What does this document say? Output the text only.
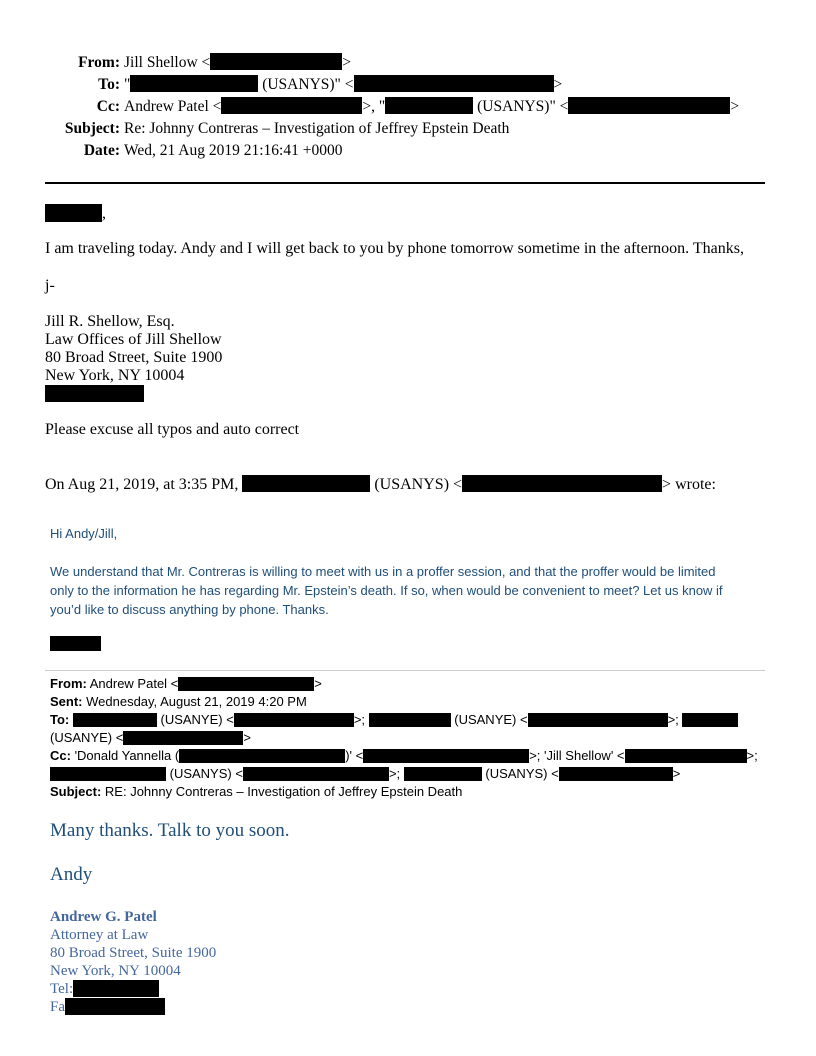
From: Jill Shellow <	>
To: "	(USANYS)" <	>
Cc: Andrew Patel <	>, "	(USANYS)" <	>
Subject: Re: Johnny Contreras – Investigation of Jeffrey Epstein Death
Date: Wed, 21 Aug 2019 21:16:41 +0000
,
I am traveling today. Andy and I will get back to you by phone tomorrow sometime in the afternoon. Thanks,
j-
Jill R. Shellow, Esq.
Law Offices of Jill Shellow
80 Broad Street, Suite 1900
New York, NY 10004
Please excuse all typos and auto correct
On Aug 21, 2019, at 3:35 PM,	(USANYS) <	> wrote:
Hi Andy/Jill,
We understand that Mr. Contreras is willing to meet with us in a proffer session, and that the proffer would be limited
only to the information he has regarding Mr. Epstein’s death. If so, when would be convenient to meet? Let us know if
you’d like to discuss anything by phone. Thanks.
From: Andrew Patel <	>
Sent: Wednesday, August 21, 2019 4:20 PM
To:	(USANYE) <	>;	(USANYE) <	>;
(USANYE) <	>
Cc: 'Donald Yannella (	)' <	>; 'Jill Shellow' <	>;
(USANYS) <	>;	(USANYS) <	>
Subject: RE: Johnny Contreras – Investigation of Jeffrey Epstein Death
Many thanks. Talk to you soon.
Andy
Andrew G. Patel
Attorney at Law
80 Broad Street, Suite 1900
New York, NY 10004
Tel:
Fa
